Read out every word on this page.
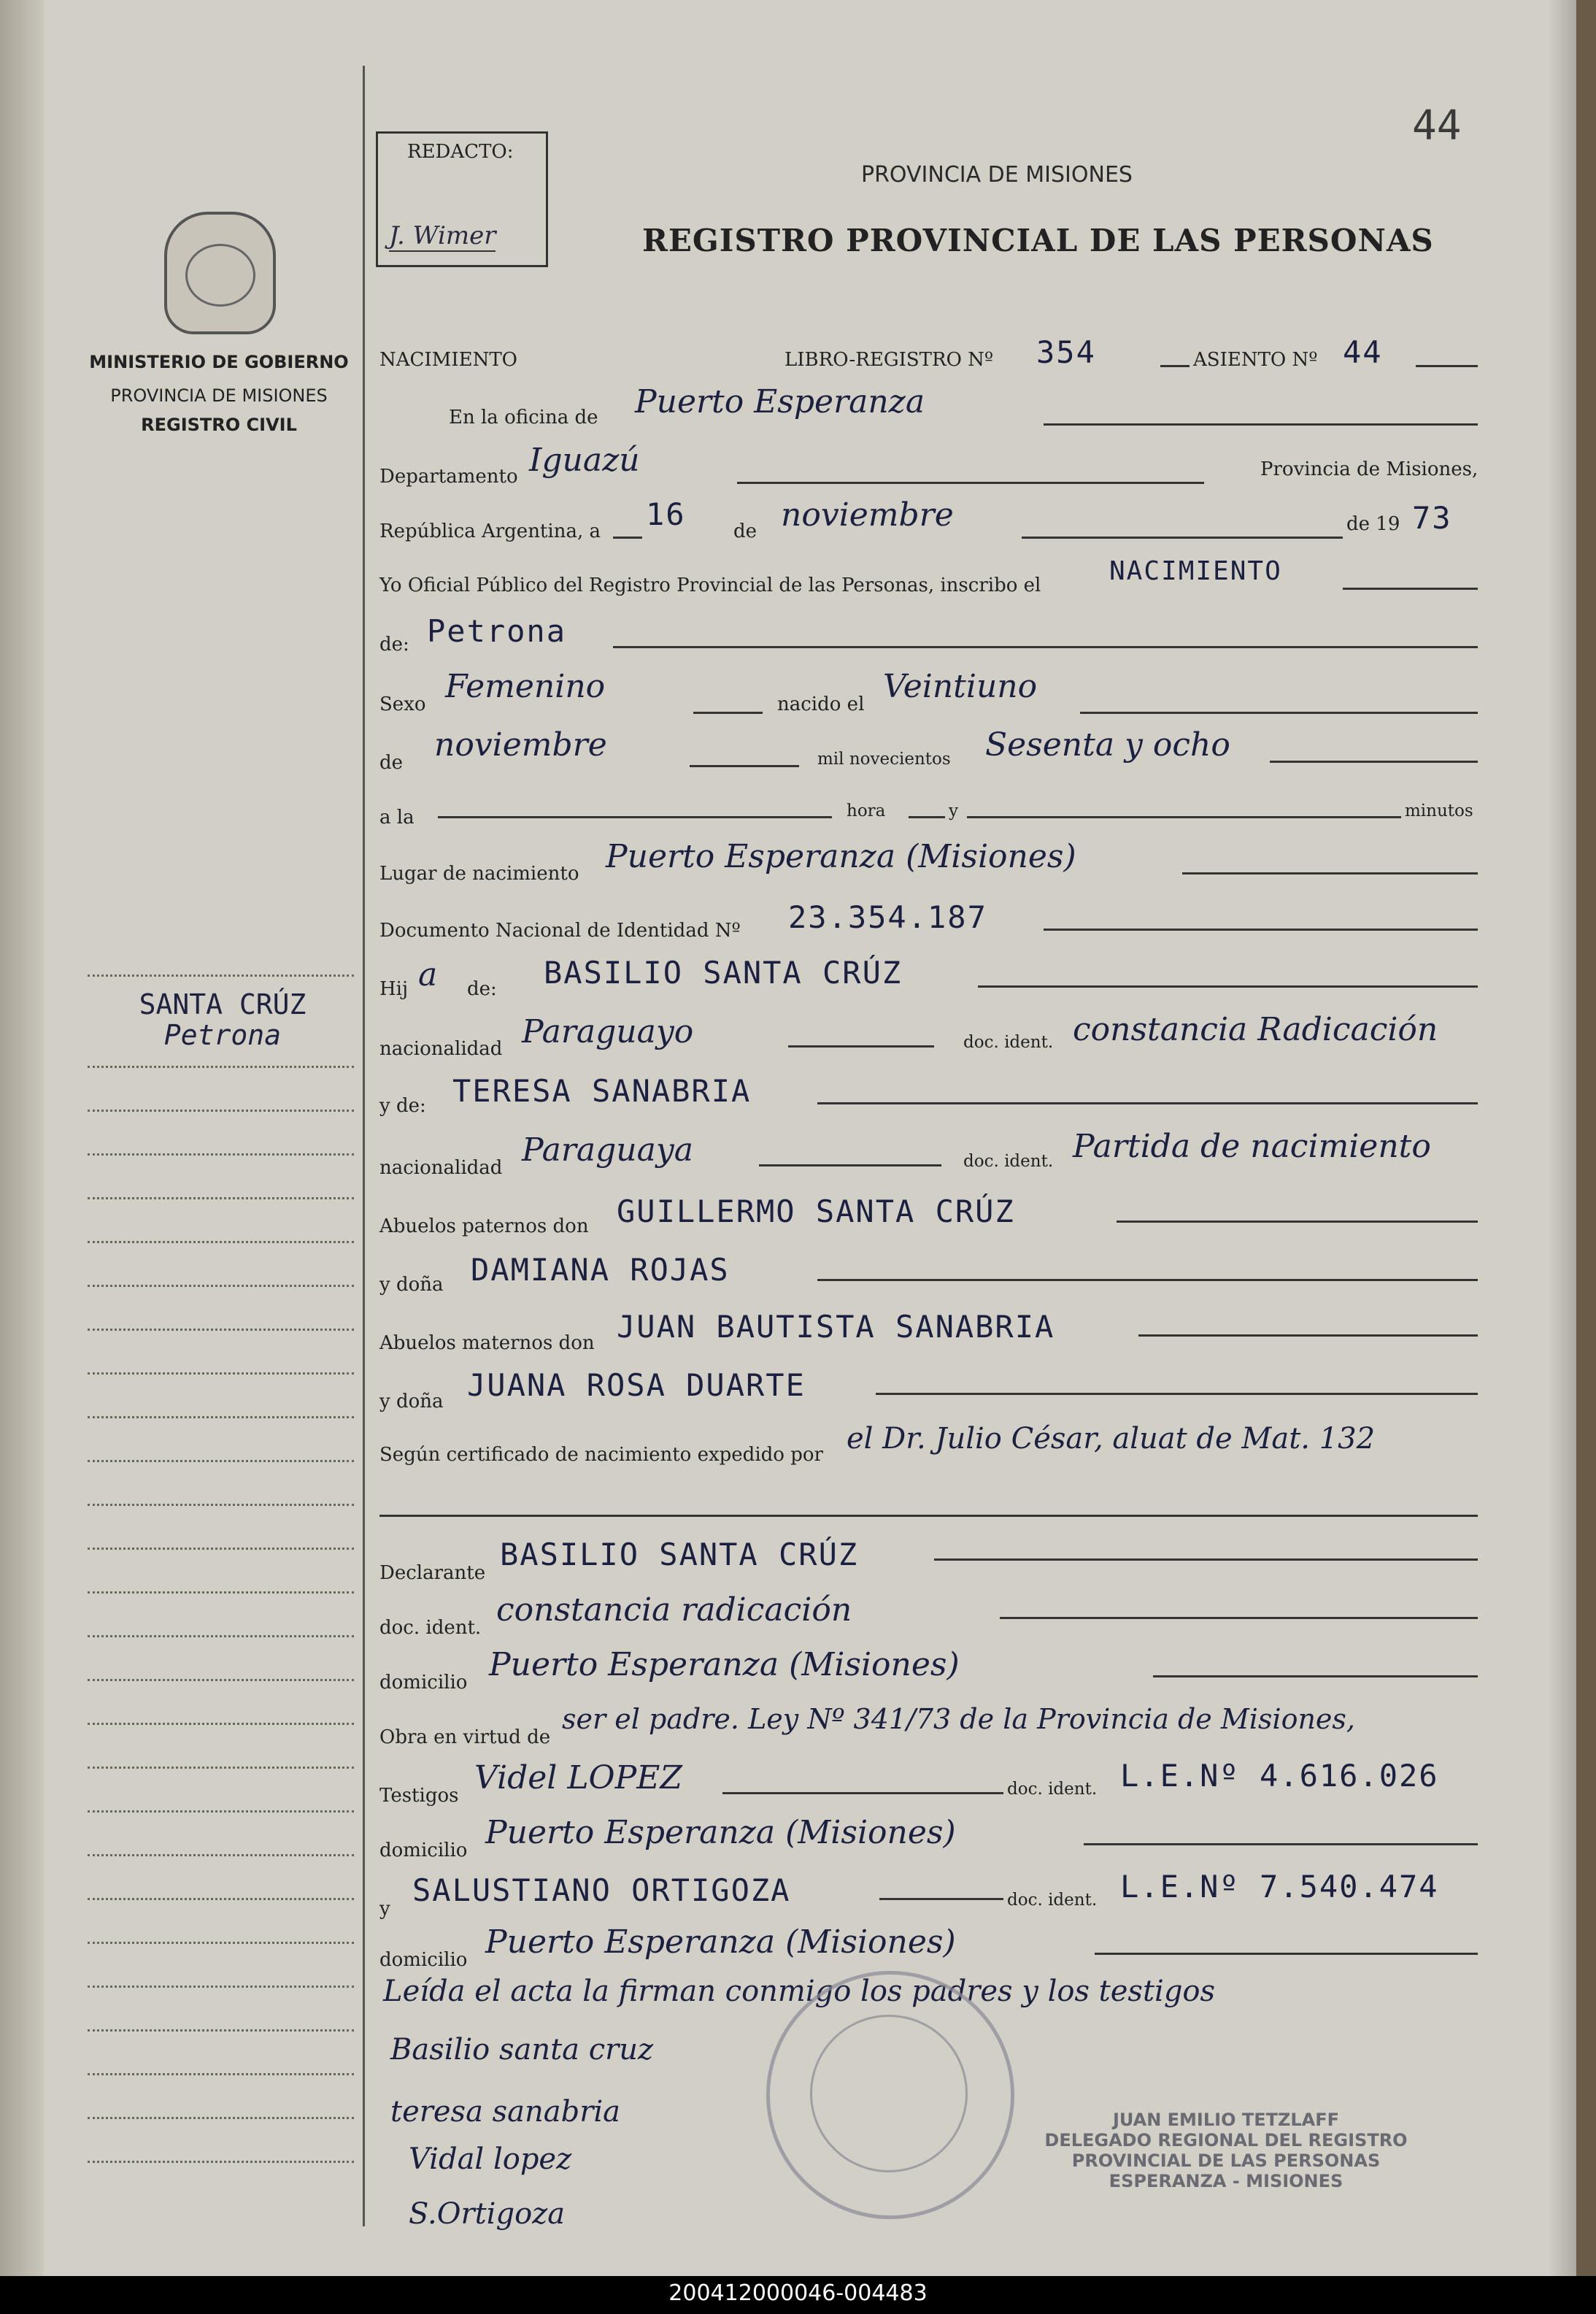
44
REDACTO:
J. Wimer
PROVINCIA DE MISIONES
REGISTRO PROVINCIAL DE LAS PERSONAS
MINISTERIO DE GOBIERNO
PROVINCIA DE MISIONES
REGISTRO CIVIL
SANTA CRÚZ
Petrona
NACIMIENTO	LIBRO-REGISTRO Nº 354	ASIENTO Nº 44
En la oficina de Puerto Esperanza
Departamento Iguazú	Provincia de Misiones,
República Argentina, a 16	de noviembre	de 19 73
Yo Oficial Público del Registro Provincial de las Personas, inscribo el	NACIMIENTO
de: Petrona
Sexo Femenino	nacido el Veintiuno
de noviembre	mil novecientos Sesenta y ocho
a la	hora	y	minutos
Lugar de nacimiento Puerto Esperanza (Misiones)
Documento Nacional de Identidad Nº 23.354.187
Hij a de: BASILIO SANTA CRÚZ
nacionalidad Paraguayo	doc. ident. constancia Radicación
y de: TERESA SANABRIA
nacionalidad Paraguaya	doc. ident. Partida de nacimiento
Abuelos paternos don GUILLERMO SANTA CRÚZ
y doña DAMIANA ROJAS
Abuelos maternos don JUAN BAUTISTA SANABRIA
y doña JUANA ROSA DUARTE
Según certificado de nacimiento expedido por el Dr. Julio César, aluat de Mat. 132
Declarante
BASILIO SANTA CRÚZ
doc. ident. constancia radicación
domicilio Puerto Esperanza (Misiones)
Obra en virtud de
ser el padre. Ley Nº 341/73 de la Provincia de Misiones,
Testigos Videl LOPEZ	doc. ident. L.E.Nº 4.616.026
domicilio Puerto Esperanza (Misiones)
y
SALUSTIANO ORTIGOZA	doc. ident. L.E.Nº 7.540.474
domicilio Puerto Esperanza (Misiones)
Leída el acta la firman conmigo los padres y los testigos
Basilio santa cruz
teresa sanabria
Vidal lopez
S.Ortigoza
JUAN EMILIO TETZLAFF
DELEGADO REGIONAL DEL REGISTRO
PROVINCIAL DE LAS PERSONAS
ESPERANZA - MISIONES
200412000046-004483
